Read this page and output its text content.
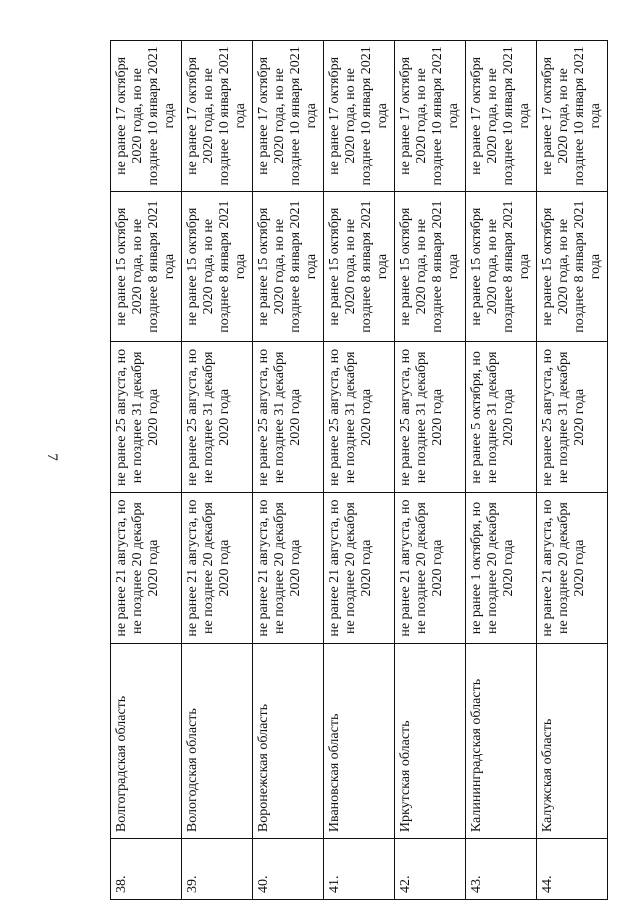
7
38.	Волгоградская область	не ранее 21 августа, но не позднее 20 декабря 2020 года	не ранее 25 августа, но не позднее 31 декабря 2020 года	не ранее 15 октября 2020 года, но не позднее 8 января 2021 года	не ранее 17 октября 2020 года, но не позднее 10 января 2021 года
39.	Вологодская область	не ранее 21 августа, но не позднее 20 декабря 2020 года	не ранее 25 августа, но не позднее 31 декабря 2020 года	не ранее 15 октября 2020 года, но не позднее 8 января 2021 года	не ранее 17 октября 2020 года, но не позднее 10 января 2021 года
40.	Воронежская область	не ранее 21 августа, но не позднее 20 декабря 2020 года	не ранее 25 августа, но не позднее 31 декабря 2020 года	не ранее 15 октября 2020 года, но не позднее 8 января 2021 года	не ранее 17 октября 2020 года, но не позднее 10 января 2021 года
41.	Ивановская область	не ранее 21 августа, но не позднее 20 декабря 2020 года	не ранее 25 августа, но не позднее 31 декабря 2020 года	не ранее 15 октября 2020 года, но не позднее 8 января 2021 года	не ранее 17 октября 2020 года, но не позднее 10 января 2021 года
42.	Иркутская область	не ранее 21 августа, но не позднее 20 декабря 2020 года	не ранее 25 августа, но не позднее 31 декабря 2020 года	не ранее 15 октября 2020 года, но не позднее 8 января 2021 года	не ранее 17 октября 2020 года, но не позднее 10 января 2021 года
43.	Калининградская область	не ранее 1 октября, но не позднее 20 декабря 2020 года	не ранее 5 октября, но не позднее 31 декабря 2020 года	не ранее 15 октября 2020 года, но не позднее 8 января 2021 года	не ранее 17 октября 2020 года, но не позднее 10 января 2021 года
44.	Калужская область	не ранее 21 августа, но не позднее 20 декабря 2020 года	не ранее 25 августа, но не позднее 31 декабря 2020 года	не ранее 15 октября 2020 года, но не позднее 8 января 2021 года	не ранее 17 октября 2020 года, но не позднее 10 января 2021 года
